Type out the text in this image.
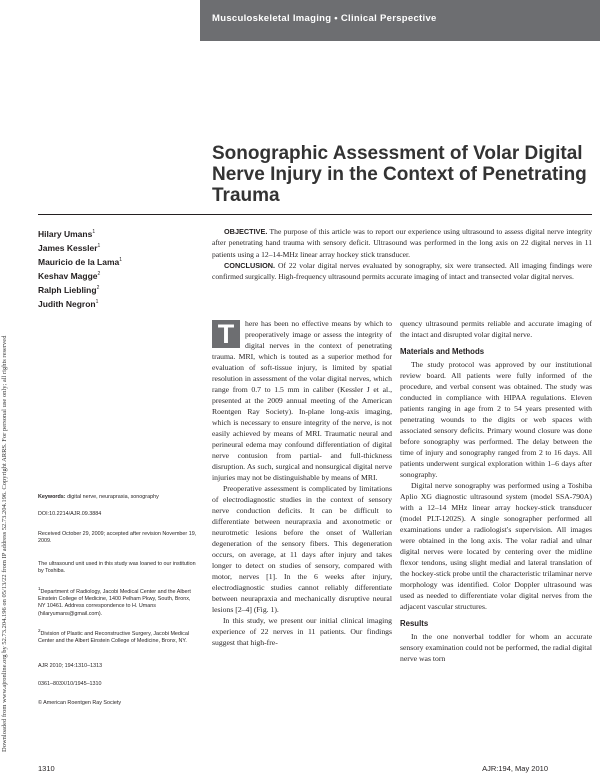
Musculoskeletal Imaging • Clinical Perspective
Downloaded from www.ajronline.org by 52.73.204.196 on 05/13/22 from IP address 52.73.204.196. Copyright ARRS. For personal use only; all rights reserved
Sonographic Assessment of Volar Digital Nerve Injury in the Context of Penetrating Trauma
Hilary Umans$^1$
James Kessler$^1$
Mauricio de la Lama$^1$
Keshav Magge$^2$
Ralph Liebling$^2$
Judith Negron$^1$

OBJECTIVE. The purpose of this article was to report our experience using ultrasound to assess digital nerve integrity after penetrating hand trauma with sensory deficit. Ultrasound was performed in the long axis on 22 digital nerves in 11 patients using a 12–14-MHz linear array hockey stick transducer.

CONCLUSION. Of 22 volar digital nerves evaluated by sonography, six were transected. All imaging findings were confirmed surgically. High-frequency ultrasound permits accurate imaging of intact and transected volar digital nerves.

Keywords: digital nerve, neurapraxia, sonography
DOI:10.2214/AJR.09.3884
Received October 29, 2009; accepted after revision November 19, 2009.
The ultrasound unit used in this study was loaned to our institution by Toshiba.
$^1$Department of Radiology, Jacobi Medical Center and the Albert Einstein College of Medicine, 1400 Pelham Pkwy, South, Bronx, NY 10461. Address correspondence to H. Umans (hilaryumans@gmail.com).
$^2$Division of Plastic and Reconstructive Surgery, Jacobi Medical Center and the Albert Einstein College of Medicine, Bronx, NY.
AJR 2010; 194:1310–1313
0361–803X/10/1945–1310
© American Roentgen Ray Society

T	here has been no effective means by which to preoperatively image or assess the integrity of digital nerves in the context of penetrating trauma. MRI, which is touted as a superior method for evaluation of soft-tissue injury, is limited by spatial resolution in assessment of the volar digital nerves, which range from 0.7 to 1.5 mm in caliber (Kessler J et al., presented at the 2009 annual meeting of the American Roentgen Ray Society). In-plane long-axis imaging, which is necessary to ensure integrity of the nerve, is not easily achieved by means of MRI. Traumatic neural and perineural edema may confound differentiation of digital nerve contusion from partial- and full-thickness disruption. As such, surgical and nonsurgical digital nerve injuries may not be distinguishable by means of MRI.

Preoperative assessment is complicated by limitations of electrodiagnostic studies in the context of sensory nerve conduction deficits. It can be difficult to differentiate between neurapraxia and axonotmetic or neurotmetic lesions before the onset of Wallerian degeneration of the sensory fibers. This degeneration occurs, on average, at 11 days after injury and takes longer to detect on studies of sensory, compared with motor, nerves [1]. In the 6 weeks after injury, electrodiagnostic studies cannot reliably differentiate between neurapraxia and mechanically disruptive neural lesions [2–4] (Fig. 1).

In this study, we present our initial clinical imaging experience of 22 nerves in 11 patients. Our findings suggest that high-fre-

quency ultrasound permits reliable and accurate imaging of the intact and disrupted volar digital nerve.

Materials and Methods

The study protocol was approved by our institutional review board. All patients were fully informed of the procedure, and verbal consent was obtained. The study was conducted in compliance with HIPAA regulations. Eleven patients ranging in age from 2 to 54 years presented with penetrating wounds to the digits or web spaces with associated sensory deficits. Primary wound closure was done before sonography was performed. The delay between the time of injury and sonography ranged from 2 to 16 days. All patients underwent surgical exploration within 1–6 days after sonography.

Digital nerve sonography was performed using a Toshiba Aplio XG diagnostic ultrasound system (model SSA-790A) with a 12–14 MHz linear array hockey-stick transducer (model PLT-1202S). A single sonographer performed all examinations under a radiologist's supervision. All images were obtained in the long axis. The volar radial and ulnar digital nerves were located by centering over the midline flexor tendons, using slight medial and lateral translation of the hockey-stick probe until the characteristic trilaminar nerve morphology was identified. Color Doppler ultrasound was used as needed to differentiate volar digital nerves from the adjacent vascular structures.

Results

In the one nonverbal toddler for whom an accurate sensory examination could not be performed, the radial digital nerve was torn

1310	AJR:194, May 2010
